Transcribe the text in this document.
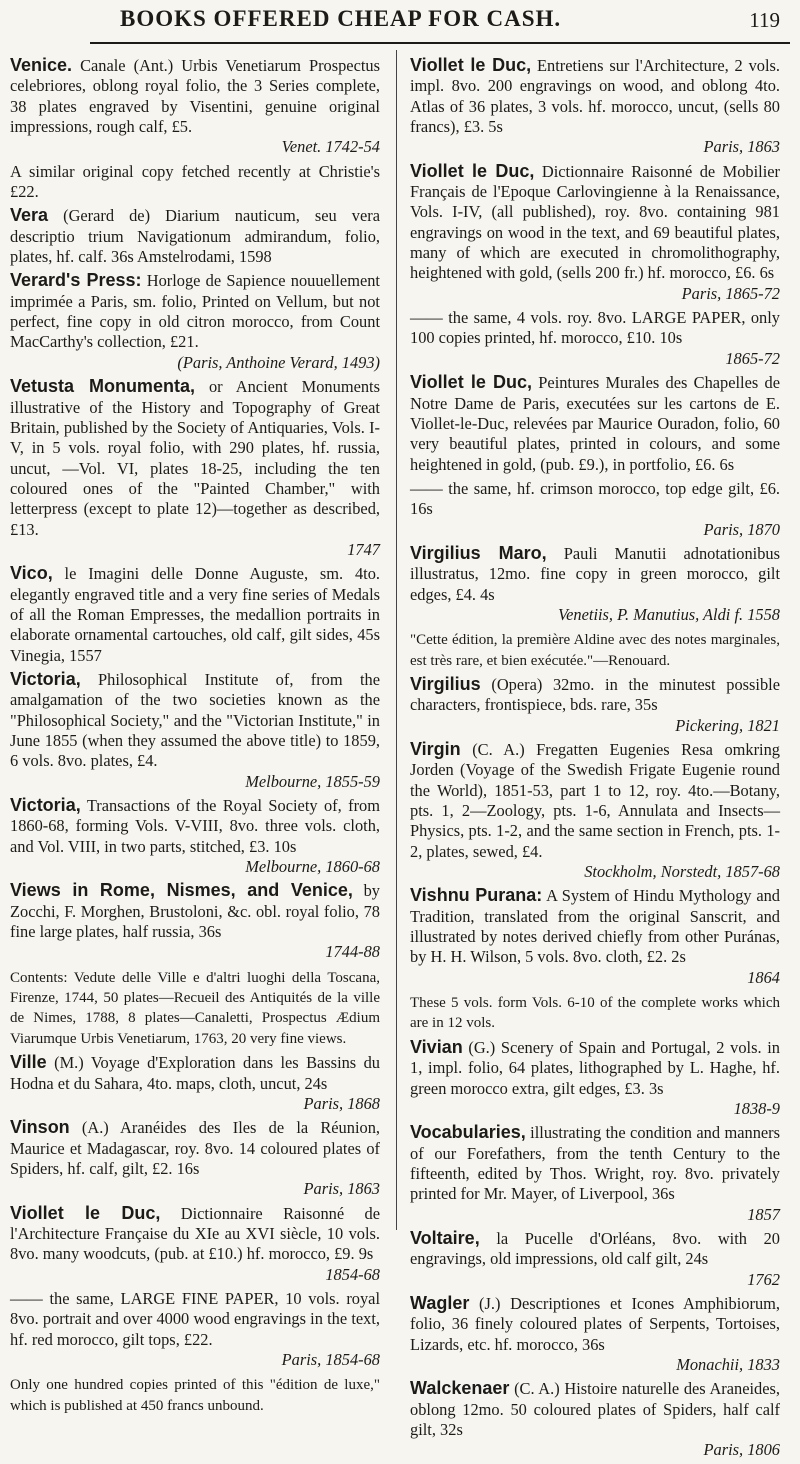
BOOKS OFFERED CHEAP FOR CASH.	119

Venice. Canale (Ant.) Urbis Venetiarum Prospectus celebriores, oblong royal folio, the 3 Series complete, 38 plates engraved by Visentini, genuine original impressions, rough calf, £5.

Venet. 1742-54

A similar original copy fetched recently at Christie's £22.

Vera (Gerard de) Diarium nauticum, seu vera descriptio trium Navigationum admirandum, folio, plates, hf. calf. 36s Amstelrodami, 1598

Verard's Press: Horloge de Sapience nouuellement imprimée a Paris, sm. folio, Printed on Vellum, but not perfect, fine copy in old citron morocco, from Count MacCarthy's collection, £21.

(Paris, Anthoine Verard, 1493)

Vetusta Monumenta, or Ancient Monuments illustrative of the History and Topography of Great Britain, published by the Society of Antiquaries, Vols. I-V, in 5 vols. royal folio, with 290 plates, hf. russia, uncut, —Vol. VI, plates 18-25, including the ten coloured ones of the "Painted Chamber," with letterpress (except to plate 12)—together as described, £13.

1747

Vico, le Imagini delle Donne Auguste, sm. 4to. elegantly engraved title and a very fine series of Medals of all the Roman Empresses, the medallion portraits in elaborate ornamental cartouches, old calf, gilt sides, 45s Vinegia, 1557

Victoria, Philosophical Institute of, from the amalgamation of the two societies known as the "Philosophical Society," and the "Victorian Institute," in June 1855 (when they assumed the above title) to 1859, 6 vols. 8vo. plates, £4.

Melbourne, 1855-59

Victoria, Transactions of the Royal Society of, from 1860-68, forming Vols. V-VIII, 8vo. three vols. cloth, and Vol. VIII, in two parts, stitched, £3. 10s

Melbourne, 1860-68

Views in Rome, Nismes, and Venice, by Zocchi, F. Morghen, Brustoloni, &c. obl. royal folio, 78 fine large plates, half russia, 36s

1744-88

Contents: Vedute delle Ville e d'altri luoghi della Toscana, Firenze, 1744, 50 plates—Recueil des Antiquités de la ville de Nimes, 1788, 8 plates—Canaletti, Prospectus Ædium Viarumque Urbis Venetiarum, 1763, 20 very fine views.

Ville (M.) Voyage d'Exploration dans les Bassins du Hodna et du Sahara, 4to. maps, cloth, uncut, 24s

Paris, 1868

Vinson (A.) Aranéides des Iles de la Réunion, Maurice et Madagascar, roy. 8vo. 14 coloured plates of Spiders, hf. calf, gilt, £2. 16s

Paris, 1863

Viollet le Duc, Dictionnaire Raisonné de l'Architecture Française du XIe au XVI siècle, 10 vols. 8vo. many woodcuts, (pub. at £10.) hf. morocco, £9. 9s

1854-68

—— the same, LARGE FINE PAPER, 10 vols. royal 8vo. portrait and over 4000 wood engravings in the text, hf. red morocco, gilt tops, £22.

Paris, 1854-68

Only one hundred copies printed of this "édition de luxe," which is published at 450 francs unbound.

Viollet le Duc, Entretiens sur l'Architecture, 2 vols. impl. 8vo. 200 engravings on wood, and oblong 4to. Atlas of 36 plates, 3 vols. hf. morocco, uncut, (sells 80 francs), £3. 5s

Paris, 1863

Viollet le Duc, Dictionnaire Raisonné de Mobilier Français de l'Epoque Carlovingienne à la Renaissance, Vols. I-IV, (all published), roy. 8vo. containing 981 engravings on wood in the text, and 69 beautiful plates, many of which are executed in chromolithography, heightened with gold, (sells 200 fr.) hf. morocco, £6. 6s

Paris, 1865-72

—— the same, 4 vols. roy. 8vo. LARGE PAPER, only 100 copies printed, hf. morocco, £10. 10s

1865-72

Viollet le Duc, Peintures Murales des Chapelles de Notre Dame de Paris, executées sur les cartons de E. Viollet-le-Duc, relevées par Maurice Ouradon, folio, 60 very beautiful plates, printed in colours, and some heightened in gold, (pub. £9.), in portfolio, £6. 6s

—— the same, hf. crimson morocco, top edge gilt, £6. 16s

Paris, 1870

Virgilius Maro, Pauli Manutii adnotationibus illustratus, 12mo. fine copy in green morocco, gilt edges, £4. 4s

Venetiis, P. Manutius, Aldi f. 1558

"Cette édition, la première Aldine avec des notes marginales, est très rare, et bien exécutée."—Renouard.

Virgilius (Opera) 32mo. in the minutest possible characters, frontispiece, bds. rare, 35s

Pickering, 1821

Virgin (C. A.) Fregatten Eugenies Resa omkring Jorden (Voyage of the Swedish Frigate Eugenie round the World), 1851-53, part 1 to 12, roy. 4to.—Botany, pts. 1, 2—Zoology, pts. 1-6, Annulata and Insects—Physics, pts. 1-2, and the same section in French, pts. 1-2, plates, sewed, £4.

Stockholm, Norstedt, 1857-68

Vishnu Purana: A System of Hindu Mythology and Tradition, translated from the original Sanscrit, and illustrated by notes derived chiefly from other Puránas, by H. H. Wilson, 5 vols. 8vo. cloth, £2. 2s

1864

These 5 vols. form Vols. 6-10 of the complete works which are in 12 vols.

Vivian (G.) Scenery of Spain and Portugal, 2 vols. in 1, impl. folio, 64 plates, lithographed by L. Haghe, hf. green morocco extra, gilt edges, £3. 3s

1838-9

Vocabularies, illustrating the condition and manners of our Forefathers, from the tenth Century to the fifteenth, edited by Thos. Wright, roy. 8vo. privately printed for Mr. Mayer, of Liverpool, 36s

1857

Voltaire, la Pucelle d'Orléans, 8vo. with 20 engravings, old impressions, old calf gilt, 24s

1762

Wagler (J.) Descriptiones et Icones Amphibiorum, folio, 36 finely coloured plates of Serpents, Tortoises, Lizards, etc. hf. morocco, 36s

Monachii, 1833

Walckenaer (C. A.) Histoire naturelle des Araneides, oblong 12mo. 50 coloured plates of Spiders, half calf gilt, 32s

Paris, 1806
